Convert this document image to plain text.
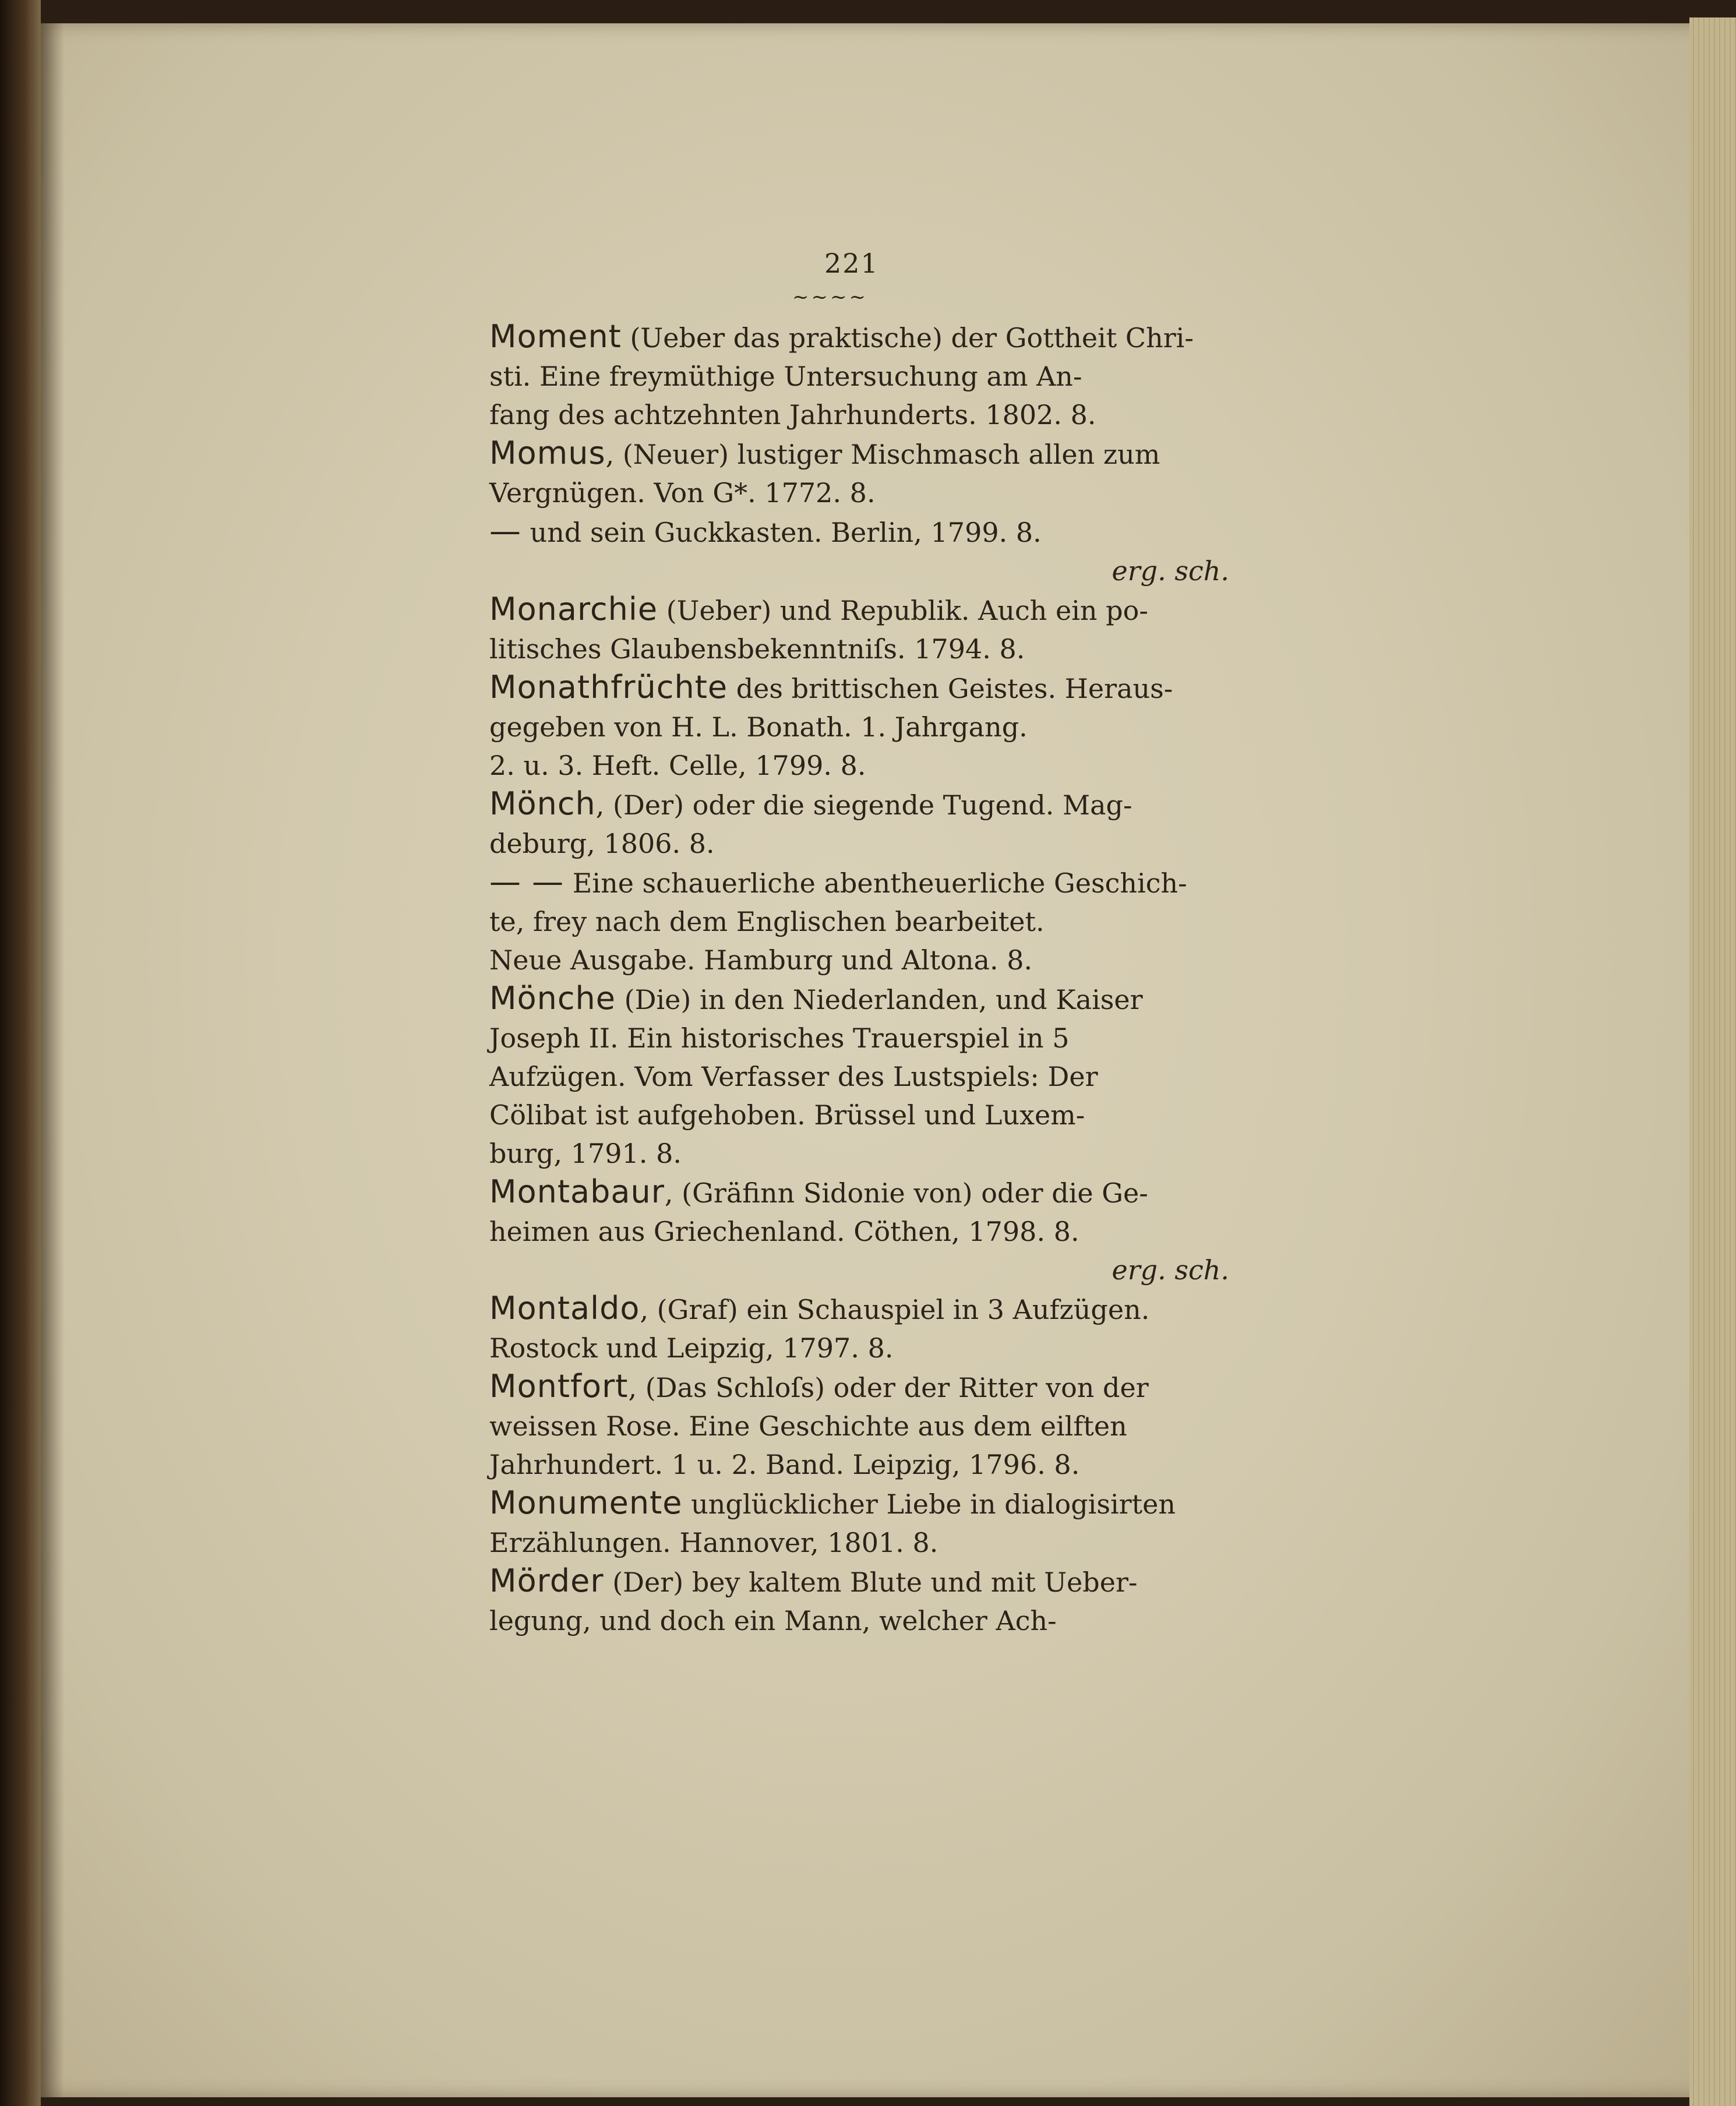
221
~~~~
Moment (Ueber das praktische) der Gottheit Chri-
sti. Eine freymüthige Untersuchung am An-
fang des achtzehnten Jahrhunderts. 1802. 8.
Momus, (Neuer) lustiger Mischmasch allen zum
Vergnügen. Von G*. 1772. 8.
— und sein Guckkasten. Berlin, 1799. 8.
erg. sch.
Monarchie (Ueber) und Republik. Auch ein po-
litisches Glaubensbekenntniſs. 1794. 8.
Monathfrüchte des brittischen Geistes. Heraus-
gegeben von H. L. Bonath. 1. Jahrgang.
2. u. 3. Heft. Celle, 1799. 8.
Mönch, (Der) oder die siegende Tugend. Mag-
deburg, 1806. 8.
— — Eine schauerliche abentheuerliche Geschich-
te, frey nach dem Englischen bearbeitet.
Neue Ausgabe. Hamburg und Altona. 8.
Mönche (Die) in den Niederlanden, und Kaiser
Joseph II. Ein historisches Trauerspiel in 5
Aufzügen. Vom Verfasser des Lustspiels: Der
Cölibat ist aufgehoben. Brüssel und Luxem-
burg, 1791. 8.
Montabaur, (Gräfinn Sidonie von) oder die Ge-
heimen aus Griechenland. Cöthen, 1798. 8.
erg. sch.
Montaldo, (Graf) ein Schauspiel in 3 Aufzügen.
Rostock und Leipzig, 1797. 8.
Montfort, (Das Schloſs) oder der Ritter von der
weissen Rose. Eine Geschichte aus dem eilften
Jahrhundert. 1 u. 2. Band. Leipzig, 1796. 8.
Monumente unglücklicher Liebe in dialogisirten
Erzählungen. Hannover, 1801. 8.
Mörder (Der) bey kaltem Blute und mit Ueber-
legung, und doch ein Mann, welcher Ach-
